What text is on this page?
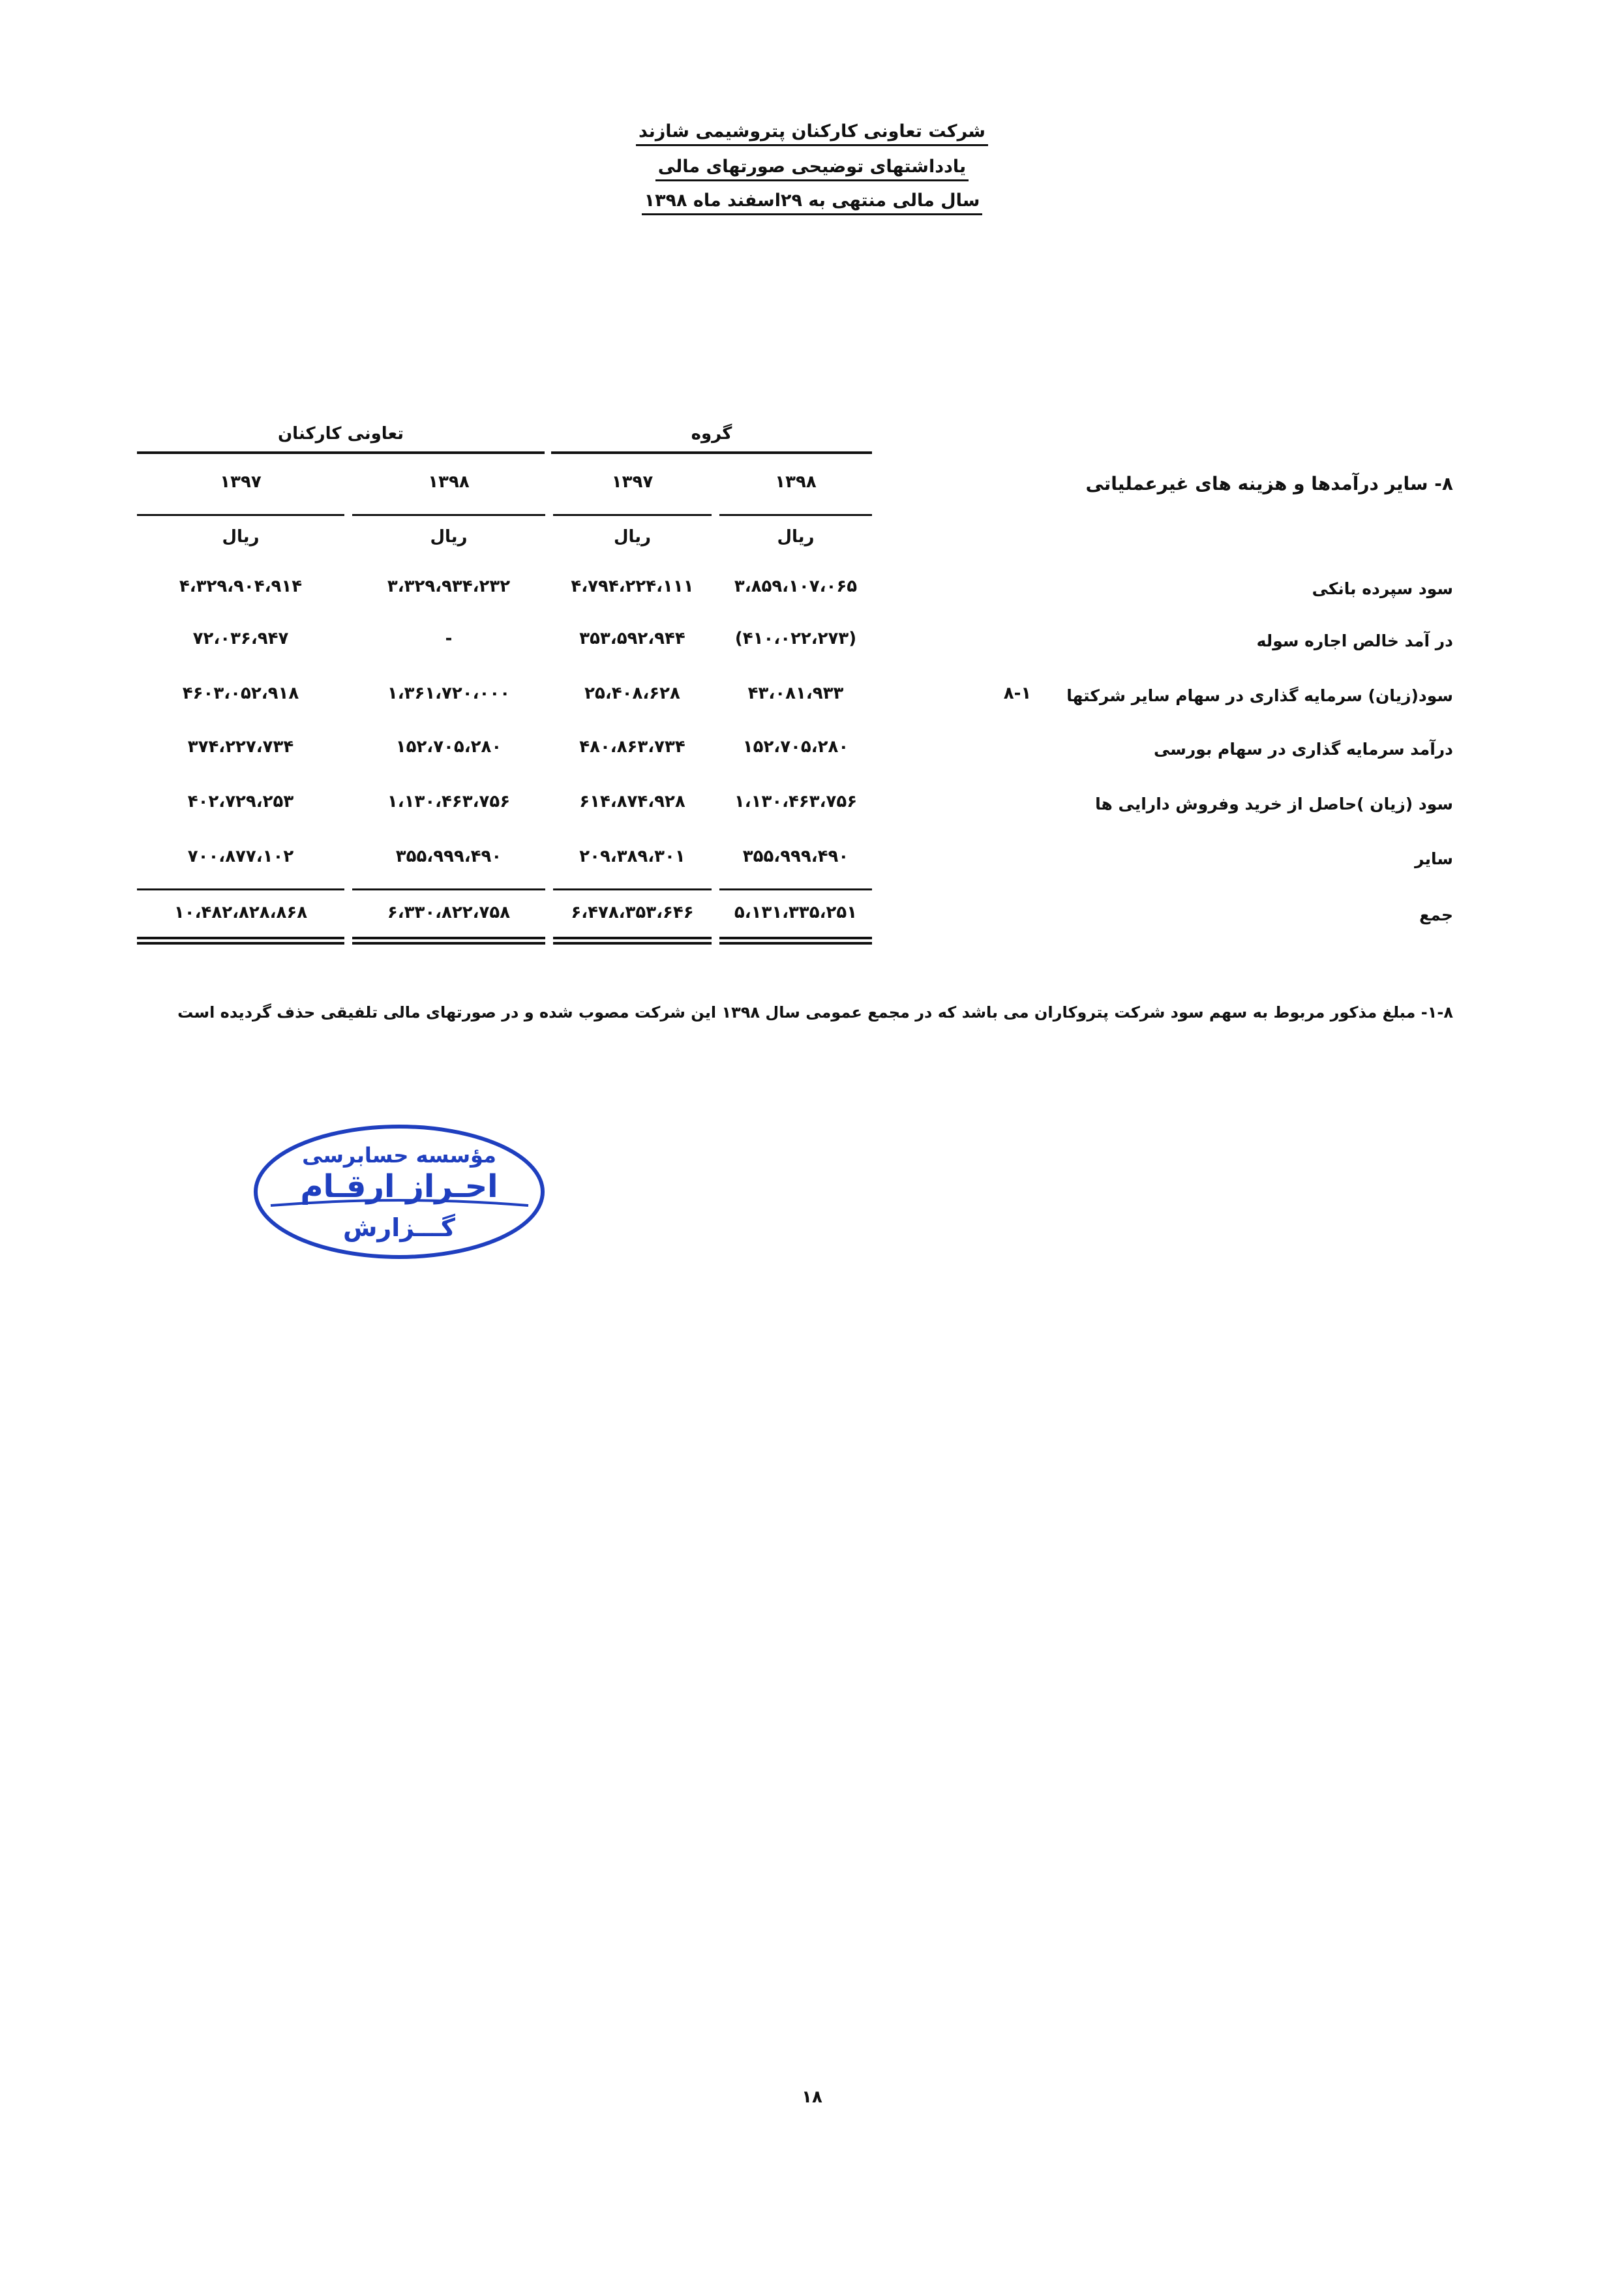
شرکت تعاونی کارکنان پتروشیمی شازند
یادداشتهای توضیحی صورتهای مالی
سال مالی منتهی به ۲۹اسفند ماه ۱۳۹۸
گروه
تعاونی کارکنان
۱۳۹۸
۱۳۹۷
۱۳۹۸
۱۳۹۷
ریال
ریال
ریال
ریال
۸- سایر درآمدها و هزینه های غیرعملیاتی
سود سپرده بانکی
۳،۸۵۹،۱۰۷،۰۶۵
۴،۷۹۴،۲۲۴،۱۱۱
۳،۳۲۹،۹۳۴،۲۳۲
۴،۳۲۹،۹۰۴،۹۱۴
در آمد خالص اجاره سوله
(۴۱۰،۰۲۲،۲۷۳)
۳۵۳،۵۹۲،۹۴۴
-
۷۲،۰۳۶،۹۴۷
سود(زیان) سرمایه گذاری در سهام سایر شرکتها
۸-۱
۴۳،۰۸۱،۹۳۳
۲۵،۴۰۸،۶۲۸
۱،۳۶۱،۷۲۰،۰۰۰
۴۶۰۳،۰۵۲،۹۱۸
درآمد سرمایه گذاری در سهام بورسی
۱۵۲،۷۰۵،۲۸۰
۴۸۰،۸۶۳،۷۳۴
۱۵۲،۷۰۵،۲۸۰
۳۷۴،۲۲۷،۷۳۴
سود (زیان )حاصل از خرید وفروش دارایی ها
۱،۱۳۰،۴۶۳،۷۵۶
۶۱۴،۸۷۴،۹۲۸
۱،۱۳۰،۴۶۳،۷۵۶
۴۰۲،۷۲۹،۲۵۳
سایر
۳۵۵،۹۹۹،۴۹۰
۲۰۹،۳۸۹،۳۰۱
۳۵۵،۹۹۹،۴۹۰
۷۰۰،۸۷۷،۱۰۲
جمع
۵،۱۳۱،۳۳۵،۲۵۱
۶،۴۷۸،۳۵۳،۶۴۶
۶،۳۳۰،۸۲۲،۷۵۸
۱۰،۴۸۲،۸۲۸،۸۶۸
۱-۸- مبلغ مذکور مربوط به سهم سود شرکت پتروکاران می باشد که در مجمع عمومی سال ۱۳۹۸ این شرکت مصوب شده و در صورتهای مالی تلفیقی حذف گردیده است
مؤسسه حسابرسی
احـراز ارقـام
گـــزارش
۱۸
